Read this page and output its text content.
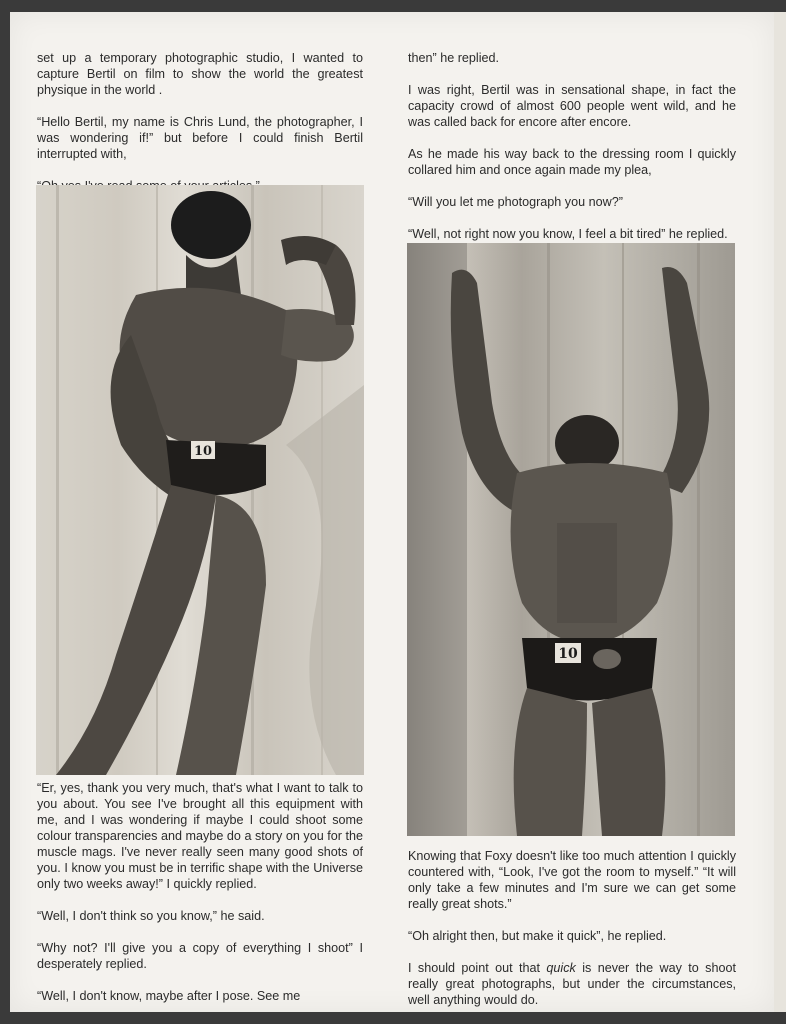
set up a temporary photographic studio, I wanted to capture Bertil on film to show the world the greatest physique in the world .

“Hello Bertil, my name is Chris Lund, the photographer, I was wondering if!” but before I could finish Bertil interrupted with,

10

“Er, yes, thank you very much, that's what I want to talk to you about. You see I've brought all this equipment with me, and I was wondering if maybe I could shoot some colour transparencies and maybe do a story on you for the muscle mags. I've never really seen many good shots of you. I know you must be in terrific shape with the Universe only two weeks away!” I quickly replied.

“Well, I don't think so you know,” he said.

“Why not? I'll give you a copy of everything I shoot” I desperately replied.

“Well, I don't know, maybe after I pose. See me

then” he replied.

I was right, Bertil was in sensational shape, in fact the capacity crowd of almost 600 people went wild, and he was called back for encore after encore.

As he made his way back to the dressing room I quickly collared him and once again made my plea,

“Will you let me photograph you now?”

“Well, not right now you know, I feel a bit tired” he replied.

10

Knowing that Foxy doesn't like too much attention I quickly countered with, “Look, I've got the room to myself.” “It will only take a few minutes and I'm sure we can get some really great shots.”

“Oh alright then, but make it quick”, he replied.

I should point out that quick is never the way to shoot really great photographs, but under the circumstances, well anything would do.
